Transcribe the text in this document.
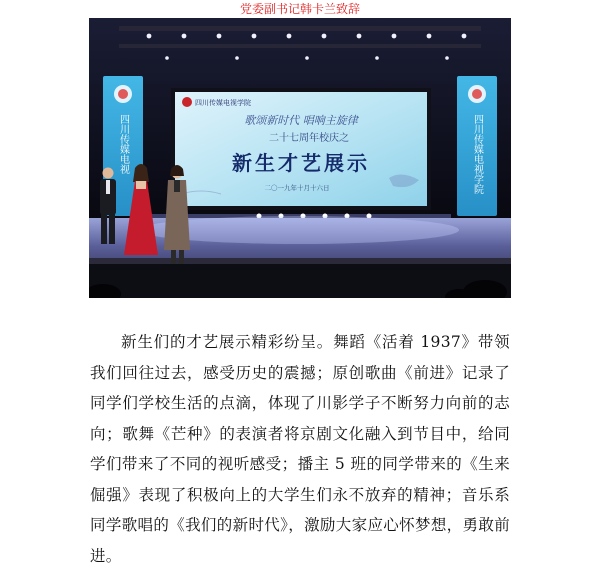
党委副书记韩卡兰致辞
四川传媒电视	四川传媒电视学院
四川传媒电视学院
歌颂新时代 唱响主旋律
二十七周年校庆之
新生才艺展示
二〇一九年十月十六日

新生们的才艺展示精彩纷呈。舞蹈《活着 1937》带领我们回往过去，感受历史的震撼；原创歌曲《前进》记录了同学们学校生活的点滴，体现了川影学子不断努力向前的志向；歌舞《芒种》的表演者将京剧文化融入到节目中，给同学们带来了不同的视听感受；播主 5 班的同学带来的《生来倔强》表现了积极向上的大学生们永不放弃的精神；音乐系同学歌唱的《我们的新时代》，激励大家应心怀梦想，勇敢前进。
